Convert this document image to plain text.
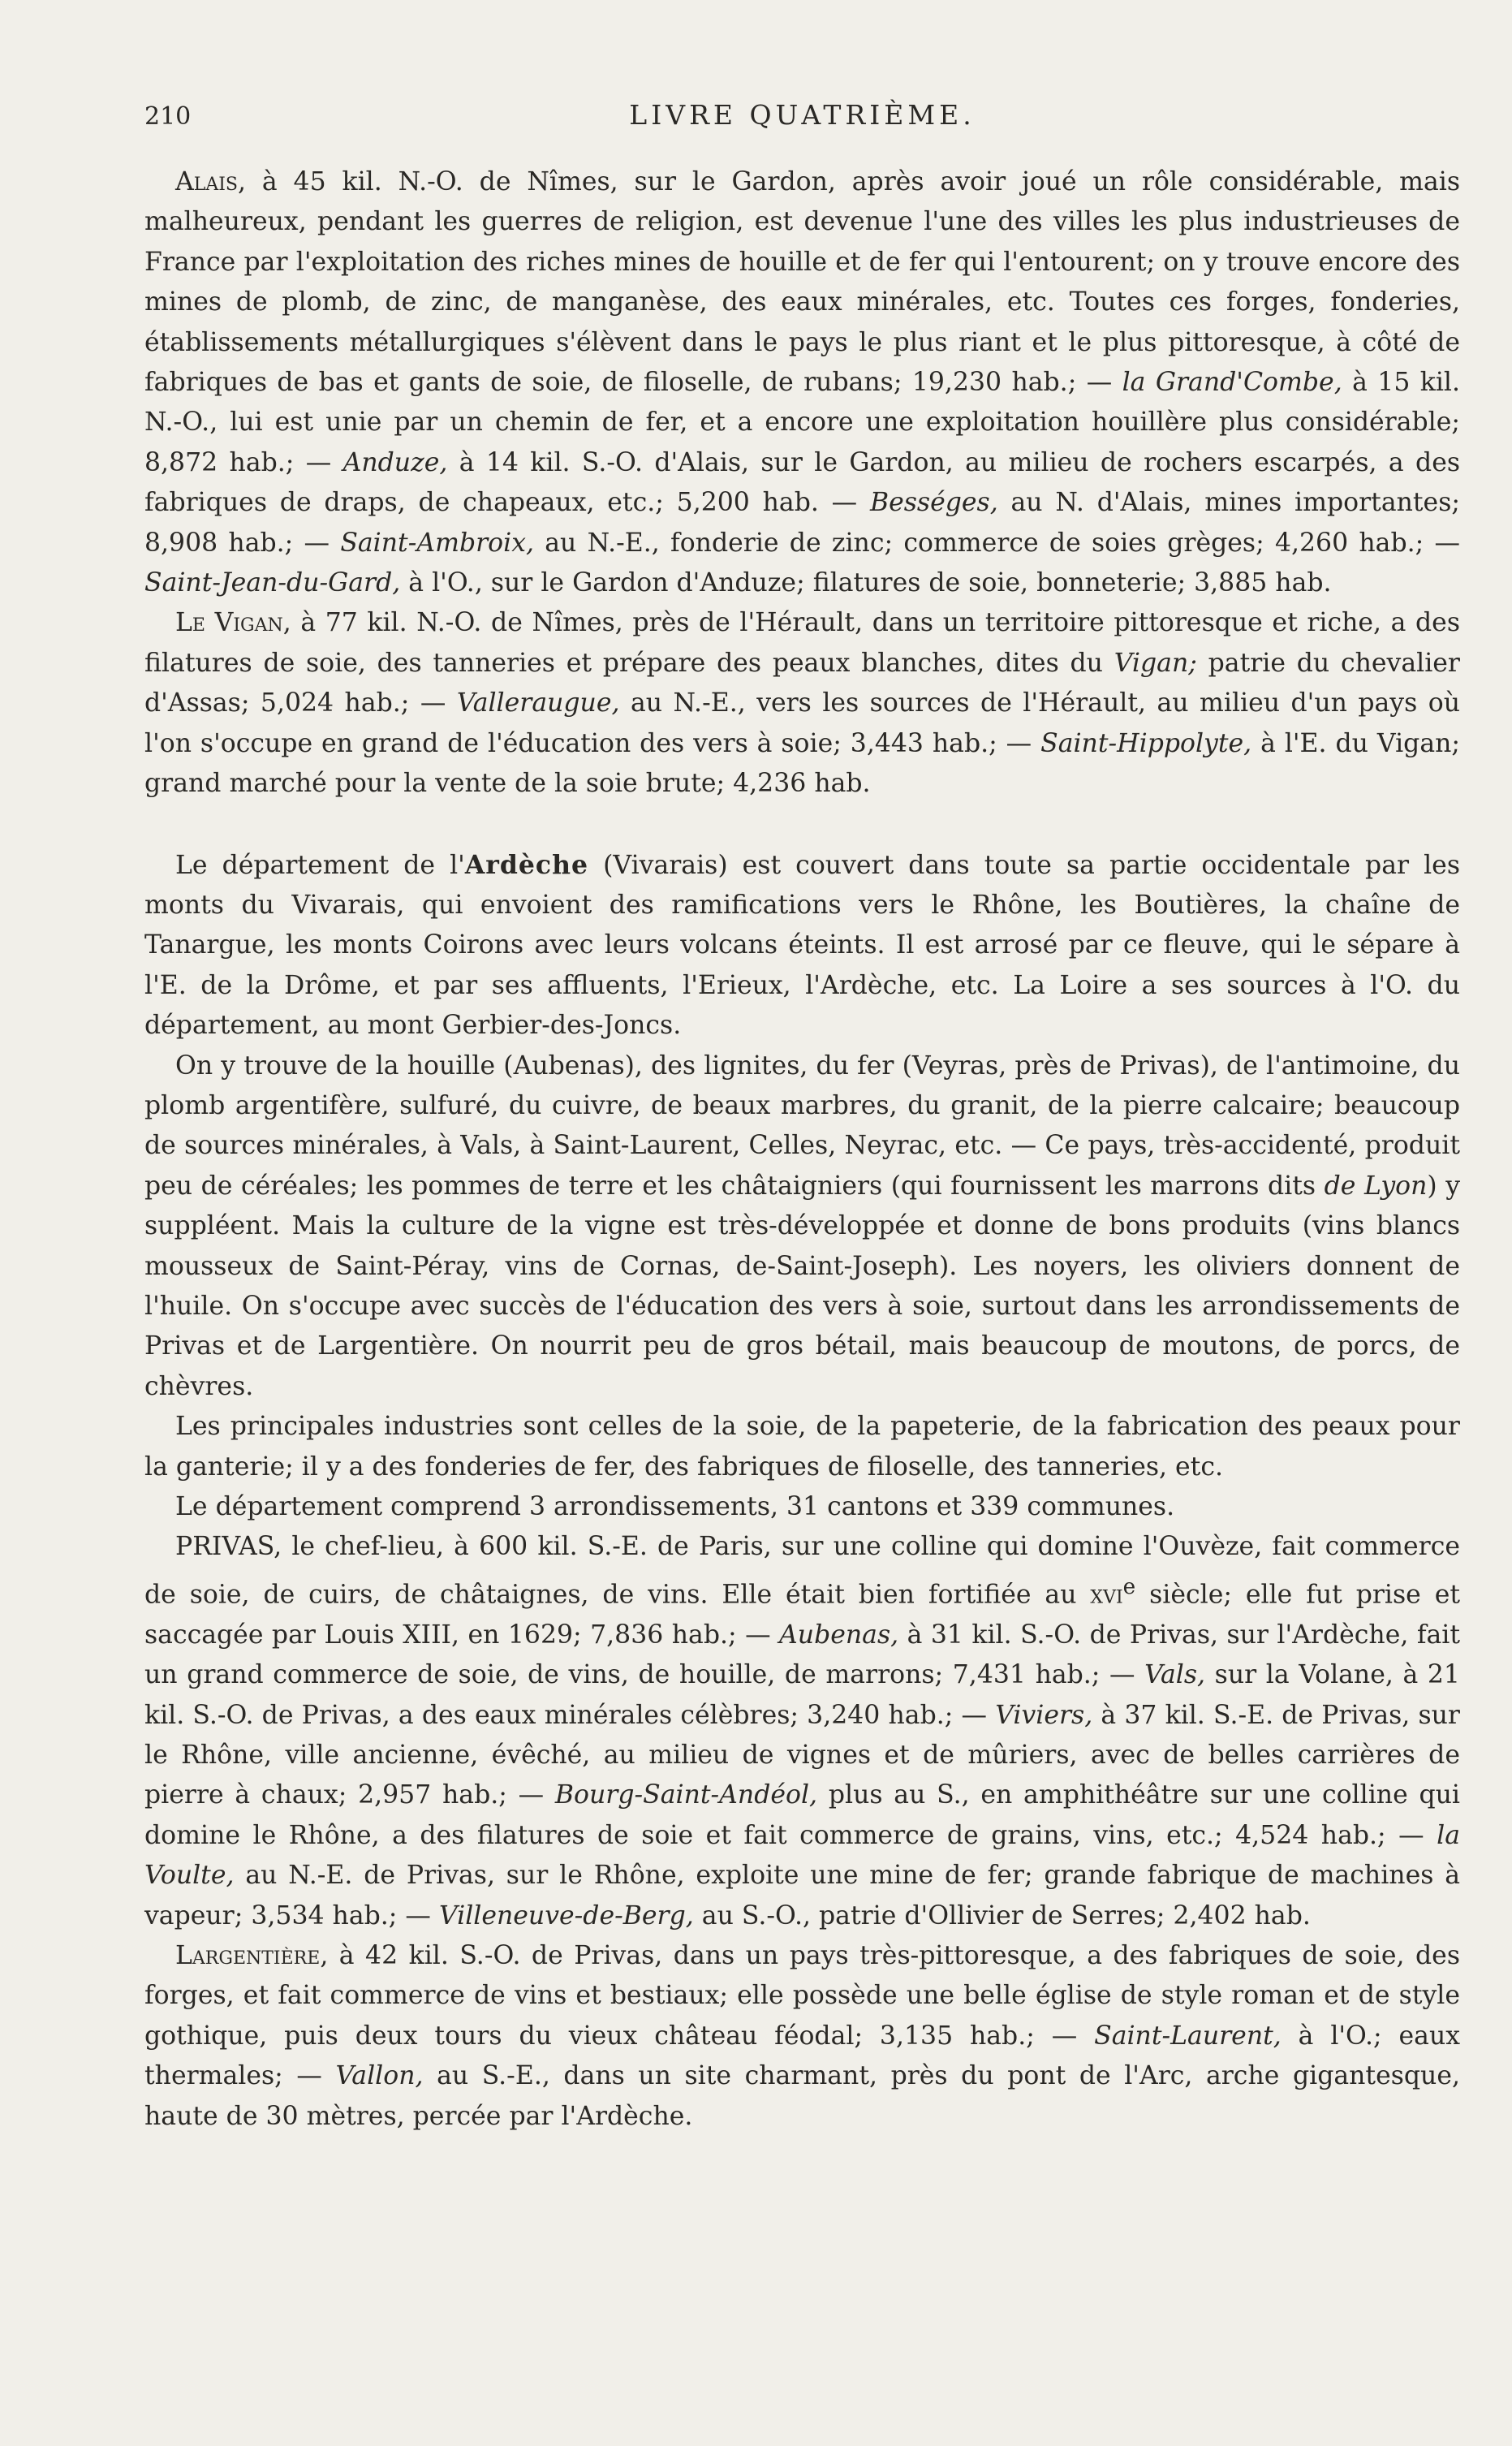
210	LIVRE QUATRIÈME.

Alais, à 45 kil. N.-O. de Nîmes, sur le Gardon, après avoir joué un rôle considérable, mais malheureux, pendant les guerres de religion, est devenue l'une des villes les plus industrieuses de France par l'exploitation des riches mines de houille et de fer qui l'entourent; on y trouve encore des mines de plomb, de zinc, de manganèse, des eaux minérales, etc. Toutes ces forges, fonderies, établissements métallurgiques s'élèvent dans le pays le plus riant et le plus pittoresque, à côté de fabriques de bas et gants de soie, de filoselle, de rubans; 19,230 hab.; — la Grand'Combe, à 15 kil. N.-O., lui est unie par un chemin de fer, et a encore une exploitation houillère plus considérable; 8,872 hab.; — Anduze, à 14 kil. S.-O. d'Alais, sur le Gardon, au milieu de rochers escarpés, a des fabriques de draps, de chapeaux, etc.; 5,200 hab. — Bességes, au N. d'Alais, mines importantes; 8,908 hab.; — Saint-Ambroix, au N.-E., fonderie de zinc; commerce de soies grèges; 4,260 hab.; — Saint-Jean-du-Gard, à l'O., sur le Gardon d'Anduze; filatures de soie, bonneterie; 3,885 hab.

Le Vigan, à 77 kil. N.-O. de Nîmes, près de l'Hérault, dans un territoire pittoresque et riche, a des filatures de soie, des tanneries et prépare des peaux blanches, dites du Vigan; patrie du chevalier d'Assas; 5,024 hab.; — Valleraugue, au N.-E., vers les sources de l'Hérault, au milieu d'un pays où l'on s'occupe en grand de l'éducation des vers à soie; 3,443 hab.; — Saint-Hippolyte, à l'E. du Vigan; grand marché pour la vente de la soie brute; 4,236 hab.

Le département de l'Ardèche (Vivarais) est couvert dans toute sa partie occidentale par les monts du Vivarais, qui envoient des ramifications vers le Rhône, les Boutières, la chaîne de Tanargue, les monts Coirons avec leurs volcans éteints. Il est arrosé par ce fleuve, qui le sépare à l'E. de la Drôme, et par ses affluents, l'Erieux, l'Ardèche, etc. La Loire a ses sources à l'O. du département, au mont Gerbier-des-Joncs.

On y trouve de la houille (Aubenas), des lignites, du fer (Veyras, près de Privas), de l'antimoine, du plomb argentifère, sulfuré, du cuivre, de beaux marbres, du granit, de la pierre calcaire; beaucoup de sources minérales, à Vals, à Saint-Laurent, Celles, Neyrac, etc. — Ce pays, très-accidenté, produit peu de céréales; les pommes de terre et les châtaigniers (qui fournissent les marrons dits de Lyon) y suppléent. Mais la culture de la vigne est très-développée et donne de bons produits (vins blancs mousseux de Saint-Péray, vins de Cornas, de-Saint-Joseph). Les noyers, les oliviers donnent de l'huile. On s'occupe avec succès de l'éducation des vers à soie, surtout dans les arrondissements de Privas et de Largentière. On nourrit peu de gros bétail, mais beaucoup de moutons, de porcs, de chèvres.

Les principales industries sont celles de la soie, de la papeterie, de la fabrication des peaux pour la ganterie; il y a des fonderies de fer, des fabriques de filoselle, des tanneries, etc.

Le département comprend 3 arrondissements, 31 cantons et 339 communes.

PRIVAS, le chef-lieu, à 600 kil. S.-E. de Paris, sur une colline qui domine l'Ouvèze, fait commerce de soie, de cuirs, de châtaignes, de vins. Elle était bien fortifiée au xvi$^e$ siècle; elle fut prise et saccagée par Louis XIII, en 1629; 7,836 hab.; — Aubenas, à 31 kil. S.-O. de Privas, sur l'Ardèche, fait un grand commerce de soie, de vins, de houille, de marrons; 7,431 hab.; — Vals, sur la Volane, à 21 kil. S.-O. de Privas, a des eaux minérales célèbres; 3,240 hab.; — Viviers, à 37 kil. S.-E. de Privas, sur le Rhône, ville ancienne, évêché, au milieu de vignes et de mûriers, avec de belles carrières de pierre à chaux; 2,957 hab.; — Bourg-Saint-Andéol, plus au S., en amphithéâtre sur une colline qui domine le Rhône, a des filatures de soie et fait commerce de grains, vins, etc.; 4,524 hab.; — la Voulte, au N.-E. de Privas, sur le Rhône, exploite une mine de fer; grande fabrique de machines à vapeur; 3,534 hab.; — Villeneuve-de-Berg, au S.-O., patrie d'Ollivier de Serres; 2,402 hab.

Largentière, à 42 kil. S.-O. de Privas, dans un pays très-pittoresque, a des fabriques de soie, des forges, et fait commerce de vins et bestiaux; elle possède une belle église de style roman et de style gothique, puis deux tours du vieux château féodal; 3,135 hab.; — Saint-Laurent, à l'O.; eaux thermales; — Vallon, au S.-E., dans un site charmant, près du pont de l'Arc, arche gigantesque, haute de 30 mètres, percée par l'Ardèche.
